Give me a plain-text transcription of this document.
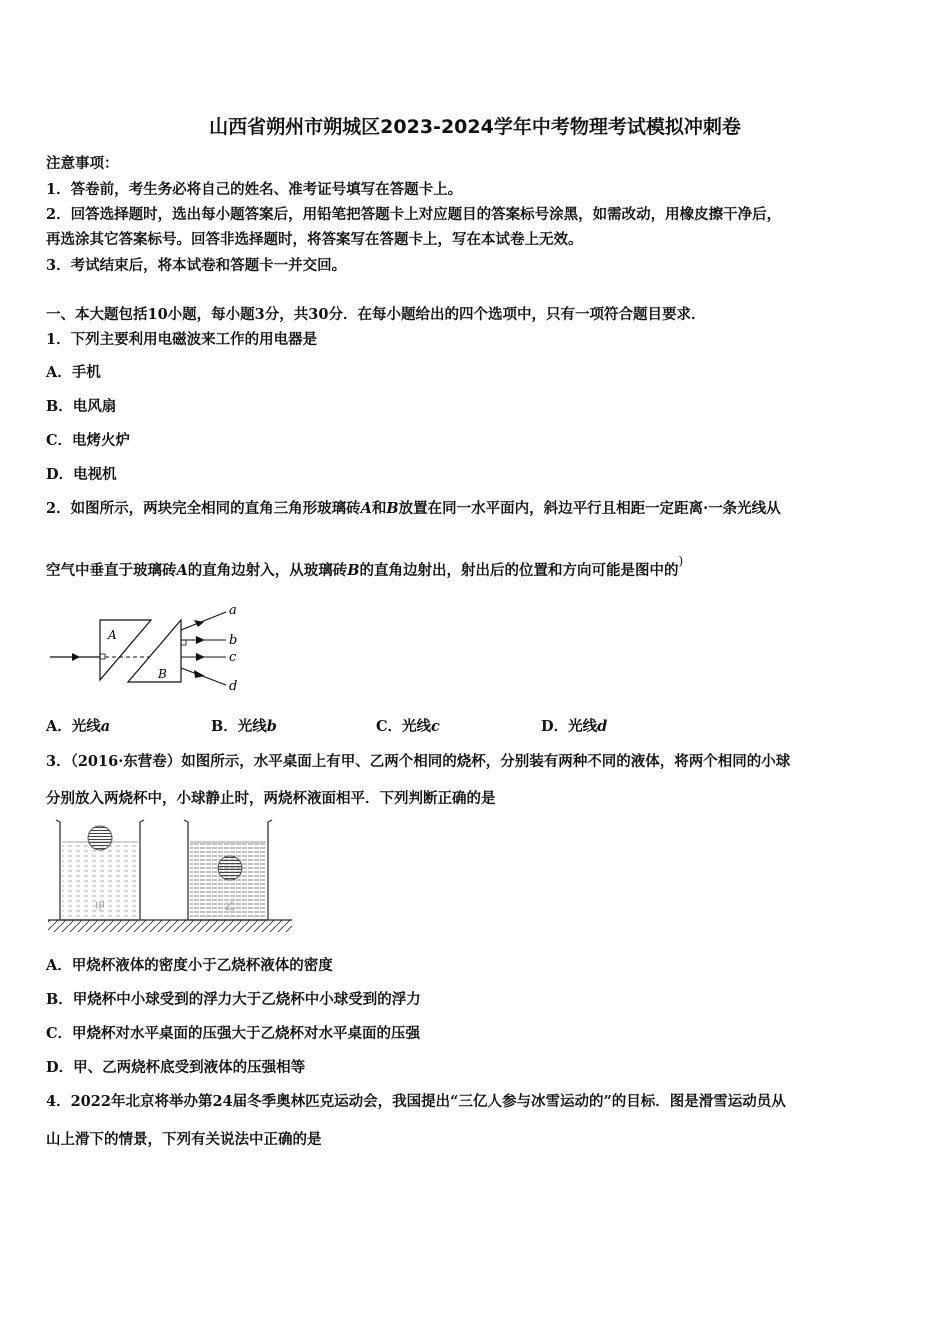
山西省朔州市朔城区2023-2024学年中考物理考试模拟冲刺卷
注意事项：
1．答卷前，考生务必将自己的姓名、准考证号填写在答题卡上。
2．回答选择题时，选出每小题答案后，用铅笔把答题卡上对应题目的答案标号涂黑，如需改动，用橡皮擦干净后，
再选涂其它答案标号。回答非选择题时，将答案写在答题卡上，写在本试卷上无效。
3．考试结束后，将本试卷和答题卡一并交回。
一、本大题包括10小题，每小题3分，共30分．在每小题给出的四个选项中，只有一项符合题目要求．
1．下列主要利用电磁波来工作的用电器是
A．手机
B．电风扇
C．电烤火炉
D．电视机
2．如图所示，两块完全相同的直角三角形玻璃砖A和B放置在同一水平面内，斜边平行且相距一定距离·一条光线从
空气中垂直于玻璃砖A的直角边射入，从玻璃砖B的直角边射出，射出后的位置和方向可能是图中的)
A
B
a
b
c
d
A．光线a	B．光线b	C．光线c	D．光线d
3．（2016·东营卷）如图所示，水平桌面上有甲、乙两个相同的烧杯，分别装有两种不同的液体，将两个相同的小球
分别放入两烧杯中，小球静止时，两烧杯液面相平．下列判断正确的是
甲	乙
A．甲烧杯液体的密度小于乙烧杯液体的密度
B．甲烧杯中小球受到的浮力大于乙烧杯中小球受到的浮力
C．甲烧杯对水平桌面的压强大于乙烧杯对水平桌面的压强
D．甲、乙两烧杯底受到液体的压强相等
4．2022年北京将举办第24届冬季奥林匹克运动会，我国提出“三亿人参与冰雪运动的”的目标．图是滑雪运动员从
山上滑下的情景，下列有关说法中正确的是
